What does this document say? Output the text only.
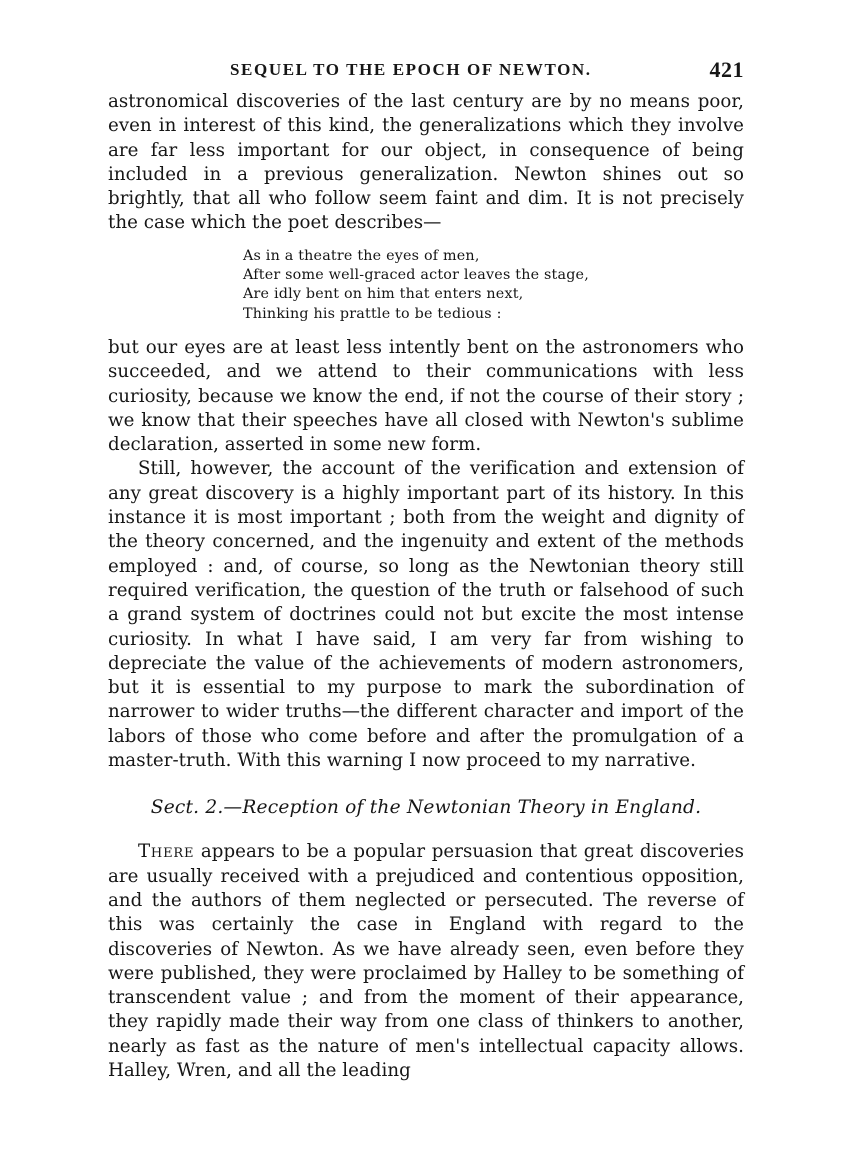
SEQUEL TO THE EPOCH OF NEWTON.	421

astronomical discoveries of the last century are by no means poor, even in interest of this kind, the generalizations which they involve are far less important for our object, in consequence of being included in a previous generalization. Newton shines out so brightly, that all who follow seem faint and dim. It is not precisely the case which the poet describes—

As in a theatre the eyes of men,
After some well-graced actor leaves the stage,
Are idly bent on him that enters next,
Thinking his prattle to be tedious :

but our eyes are at least less intently bent on the astronomers who succeeded, and we attend to their communications with less curiosity, because we know the end, if not the course of their story ; we know that their speeches have all closed with Newton's sublime declaration, asserted in some new form.

Still, however, the account of the verification and extension of any great discovery is a highly important part of its history. In this instance it is most important ; both from the weight and dignity of the theory concerned, and the ingenuity and extent of the methods employed : and, of course, so long as the Newtonian theory still required verification, the question of the truth or falsehood of such a grand system of doctrines could not but excite the most intense curiosity. In what I have said, I am very far from wishing to depreciate the value of the achievements of modern astronomers, but it is essential to my purpose to mark the subordination of narrower to wider truths—the different character and import of the labors of those who come before and after the promulgation of a master-truth. With this warning I now proceed to my narrative.

Sect. 2.—Reception of the Newtonian Theory in England.

There appears to be a popular persuasion that great discoveries are usually received with a prejudiced and contentious opposition, and the authors of them neglected or persecuted. The reverse of this was certainly the case in England with regard to the discoveries of Newton. As we have already seen, even before they were published, they were proclaimed by Halley to be something of transcendent value ; and from the moment of their appearance, they rapidly made their way from one class of thinkers to another, nearly as fast as the nature of men's intellectual capacity allows. Halley, Wren, and all the leading
